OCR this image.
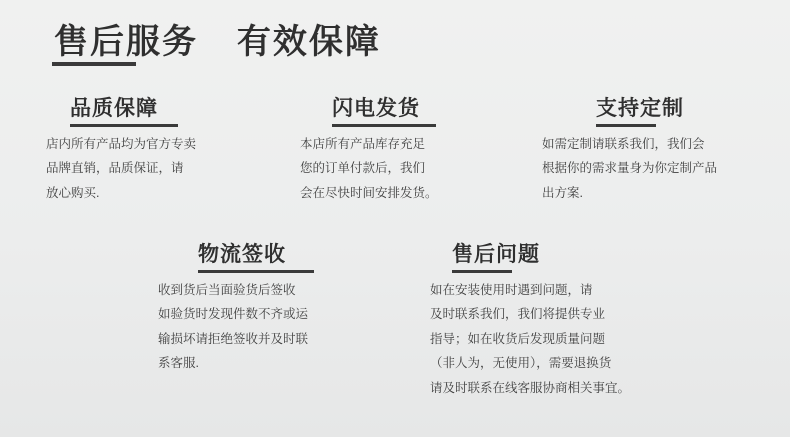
售后服务 有效保障
品质保障
店内所有产品均为官方专卖
品牌直销，品质保证，请
放心购买.
闪电发货
本店所有产品库存充足
您的订单付款后，我们
会在尽快时间安排发货。
支持定制
如需定制请联系我们，我们会
根据你的需求量身为你定制产品
出方案.
物流签收
收到货后当面验货后签收
如验货时发现件数不齐或运
输损坏请拒绝签收并及时联
系客服.
售后问题
如在安装使用时遇到问题，请
及时联系我们，我们将提供专业
指导；如在收货后发现质量问题
（非人为，无使用），需要退换货
请及时联系在线客服协商相关事宜。
